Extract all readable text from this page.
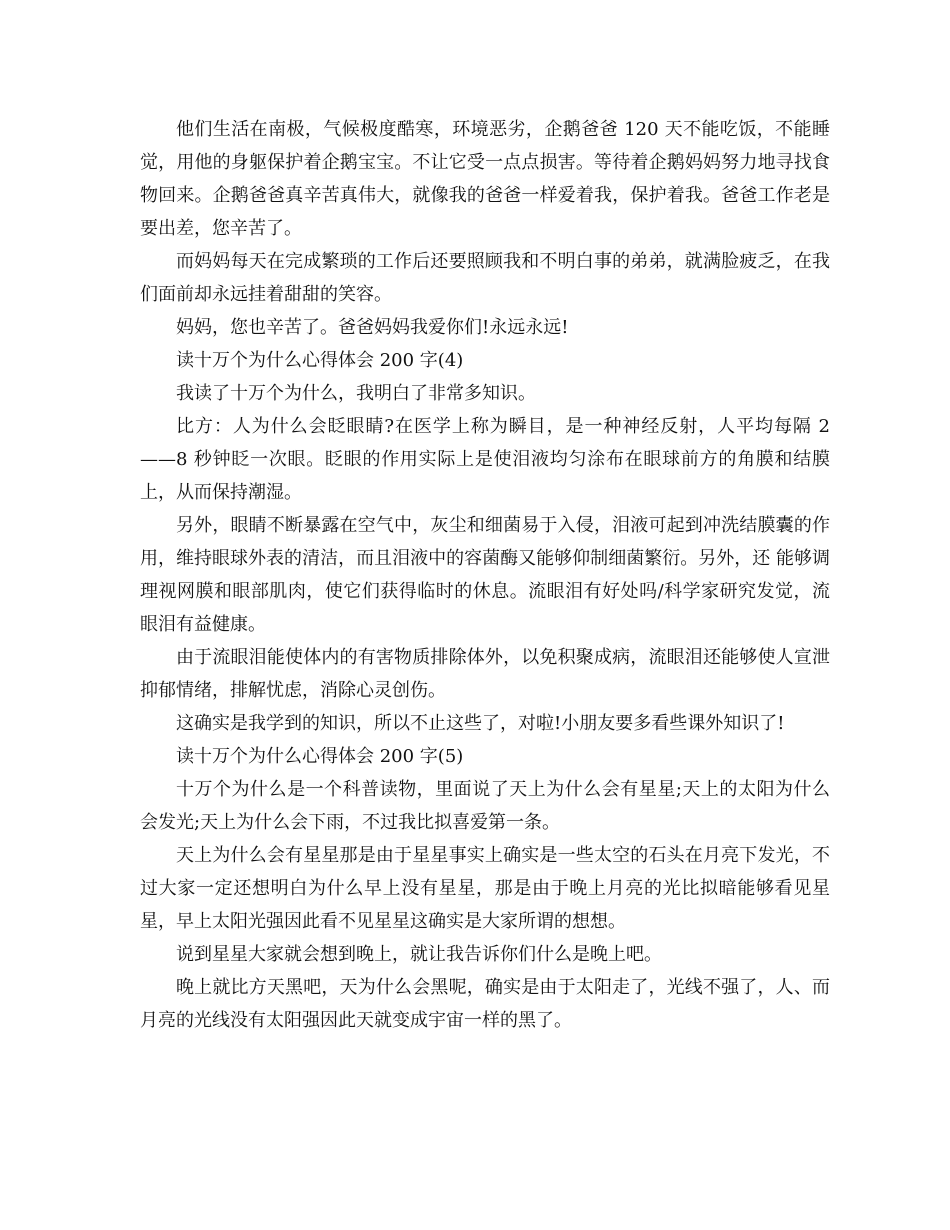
他们生活在南极，气候极度酷寒，环境恶劣，企鹅爸爸 120 天不能吃饭，不能睡觉，用他的身躯保护着企鹅宝宝。不让它受一点点损害。等待着企鹅妈妈努力地寻找食物回来。企鹅爸爸真辛苦真伟大，就像我的爸爸一样爱着我，保护着我。爸爸工作老是要出差，您辛苦了。

而妈妈每天在完成繁琐的工作后还要照顾我和不明白事的弟弟，就满脸疲乏，在我们面前却永远挂着甜甜的笑容。

妈妈，您也辛苦了。爸爸妈妈我爱你们!永远永远!

读十万个为什么心得体会 200 字(4)

我读了十万个为什么，我明白了非常多知识。

比方：人为什么会眨眼睛?在医学上称为瞬目，是一种神经反射，人平均每隔 2——8 秒钟眨一次眼。眨眼的作用实际上是使泪液均匀涂布在眼球前方的角膜和结膜上，从而保持潮湿。

另外，眼睛不断暴露在空气中，灰尘和细菌易于入侵，泪液可起到冲洗结膜囊的作用，维持眼球外表的清洁，而且泪液中的容菌酶又能够仰制细菌繁衍。另外，还 能够调理视网膜和眼部肌肉，使它们获得临时的休息。流眼泪有好处吗/科学家研究发觉，流眼泪有益健康。

由于流眼泪能使体内的有害物质排除体外，以免积聚成病，流眼泪还能够使人宣泄抑郁情绪，排解忧虑，消除心灵创伤。

这确实是我学到的知识，所以不止这些了，对啦!小朋友要多看些课外知识了!

读十万个为什么心得体会 200 字(5)

十万个为什么是一个科普读物，里面说了天上为什么会有星星;天上的太阳为什么会发光;天上为什么会下雨，不过我比拟喜爱第一条。

天上为什么会有星星那是由于星星事实上确实是一些太空的石头在月亮下发光，不过大家一定还想明白为什么早上没有星星，那是由于晚上月亮的光比拟暗能够看见星星，早上太阳光强因此看不见星星这确实是大家所谓的想想。

说到星星大家就会想到晚上，就让我告诉你们什么是晚上吧。

晚上就比方天黑吧，天为什么会黑呢，确实是由于太阳走了，光线不强了，人、而月亮的光线没有太阳强因此天就变成宇宙一样的黑了。
